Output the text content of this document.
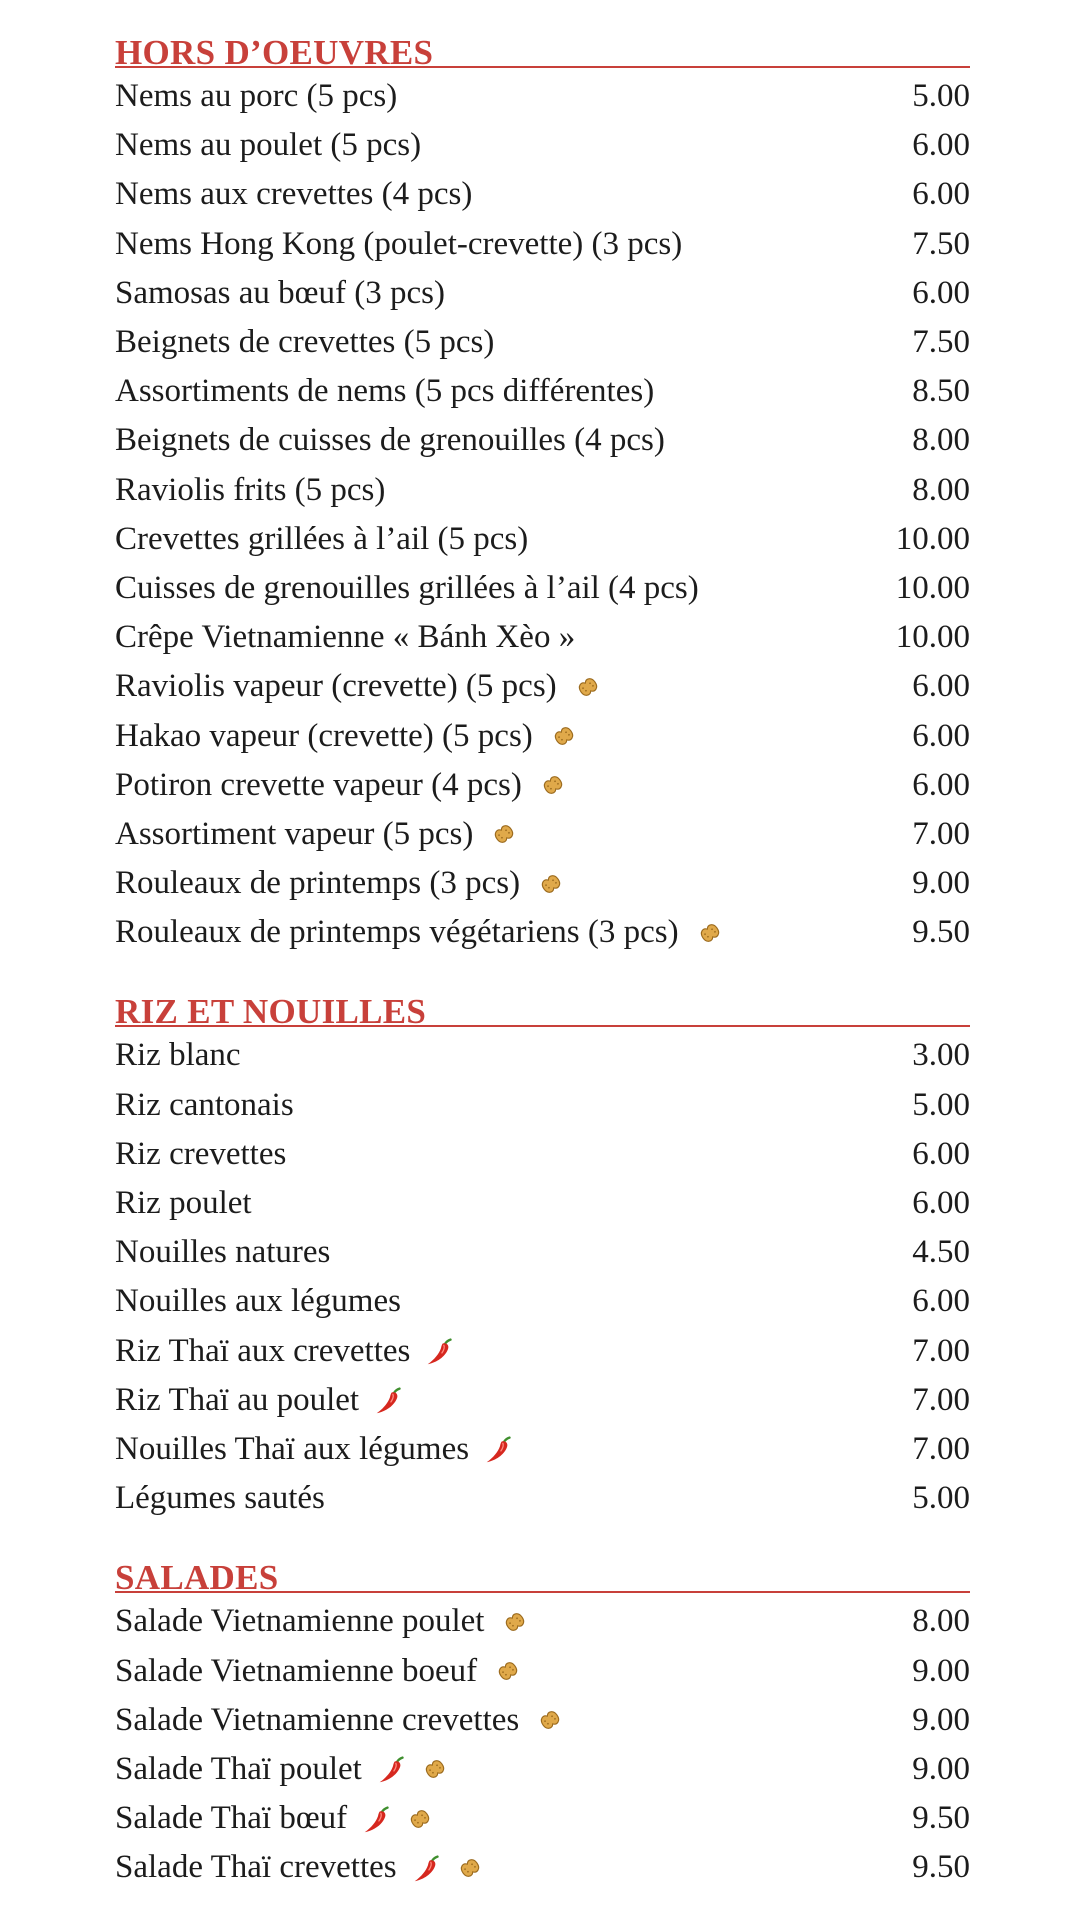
HORS D’OEUVRES
Nems au porc (5 pcs)	5.00
Nems au poulet (5 pcs)	6.00
Nems aux crevettes (4 pcs)	6.00
Nems Hong Kong (poulet-crevette) (3 pcs)	7.50
Samosas au bœuf (3 pcs)	6.00
Beignets de crevettes (5 pcs)	7.50
Assortiments de nems (5 pcs différentes)	8.50
Beignets de cuisses de grenouilles (4 pcs)	8.00
Raviolis frits (5 pcs)	8.00
Crevettes grillées à l’ail (5 pcs)	10.00
Cuisses de grenouilles grillées à l’ail (4 pcs)	10.00
Crêpe Vietnamienne « Bánh Xèo »	10.00
Raviolis vapeur (crevette) (5 pcs)	6.00
Hakao vapeur (crevette) (5 pcs)	6.00
Potiron crevette vapeur (4 pcs)	6.00
Assortiment vapeur (5 pcs)	7.00
Rouleaux de printemps (3 pcs)	9.00
Rouleaux de printemps végétariens (3 pcs)	9.50
RIZ ET NOUILLES
Riz blanc	3.00
Riz cantonais	5.00
Riz crevettes	6.00
Riz poulet	6.00
Nouilles natures	4.50
Nouilles aux légumes	6.00
Riz Thaï aux crevettes	7.00
Riz Thaï au poulet	7.00
Nouilles Thaï aux légumes	7.00
Légumes sautés	5.00
SALADES
Salade Vietnamienne poulet	8.00
Salade Vietnamienne boeuf	9.00
Salade Vietnamienne crevettes	9.00
Salade Thaï poulet	9.00
Salade Thaï bœuf	9.50
Salade Thaï crevettes	9.50
